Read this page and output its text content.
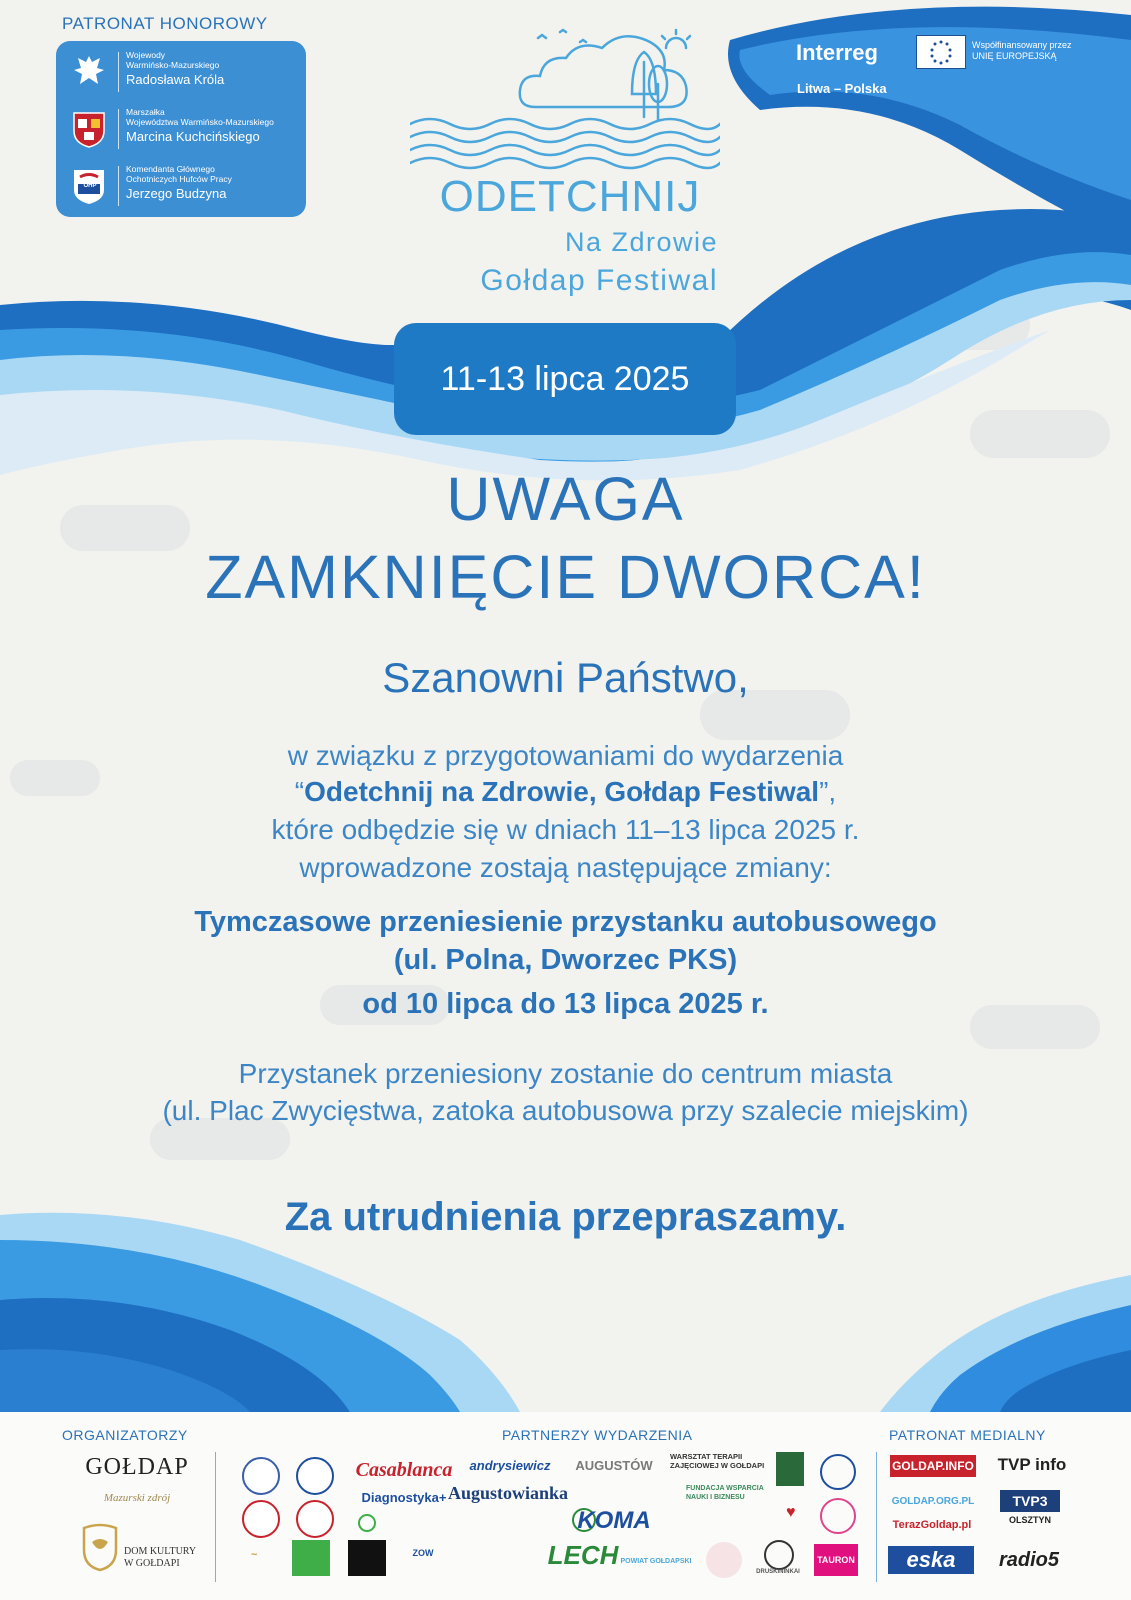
PATRONAT HONOROWY
Wojewody
Warmińsko-Mazurskiego
Radosława Króla
Marszałka
Województwa Warmińsko-Mazurskiego
Marcina Kuchcińskiego
OHP
Komendanta Głównego
Ochotniczych Hufców Pracy
Jerzego Budzyna	ODETCHNIJ
Na Zdrowie
Gołdap Festiwal
Interreg
Litwa – Polska
Współfinansowany przez
UNIĘ EUROPEJSKĄ
11-13 lipca 2025
UWAGA
ZAMKNIĘCIE DWORCA!
Szanowni Państwo,
w związku z przygotowaniami do wydarzenia
“Odetchnij na Zdrowie, Gołdap Festiwal”,
które odbędzie się w dniach 11–13 lipca 2025 r.
wprowadzone zostają następujące zmiany:
Tymczasowe przeniesienie przystanku autobusowego
(ul. Polna, Dworzec PKS)
od 10 lipca do 13 lipca 2025 r.
Przystanek przeniesiony zostanie do centrum miasta
(ul. Plac Zwycięstwa, zatoka autobusowa przy szalecie miejskim)
Za utrudnienia przepraszamy.
ORGANIZATORZY	PARTNERZY WYDARZENIA	PATRONAT MEDIALNY
GOŁDAP
Mazurski zdrój
DOM KULTURY
W GOŁDAPI
~
Casablanca
Diagnostyka+
ZOW
andrysiewicz
Augustowianka
AUGUSTÓW
KOMA
LECH POWIAT GOŁDAPSKI
WARSZTAT TERAPII
ZAJĘCIOWEJ W GOŁDAPI
FUNDACJA WSPARCIA
NAUKI I BIZNESU
DRUSKININKAI
♥
TAURON
GOLDAP.INFO	TVP info
GOLDAP.ORG.PL	TVP3
OLSZTYN
TerazGoldap.pl
eska	radio5
